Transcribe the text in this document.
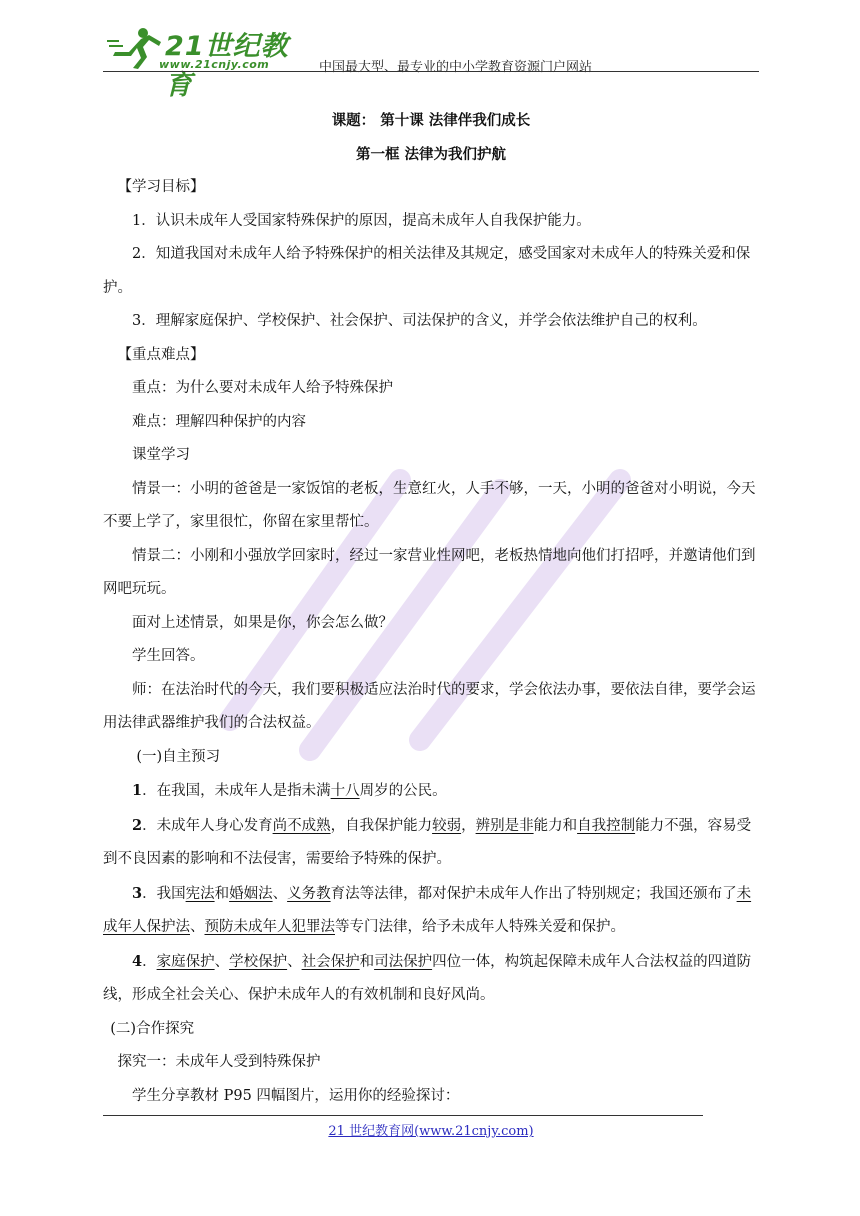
21世纪教育
www.21cnjy.com	中国最大型、最专业的中小学教育资源门户网站

课题： 第十课 法律伴我们成长

第一框 法律为我们护航

【学习目标】

1．认识未成年人受国家特殊保护的原因，提高未成年人自我保护能力。

2．知道我国对未成年人给予特殊保护的相关法律及其规定，感受国家对未成年人的特殊关爱和保护。

3．理解家庭保护、学校保护、社会保护、司法保护的含义，并学会依法维护自己的权利。

【重点难点】

重点：为什么要对未成年人给予特殊保护

难点：理解四种保护的内容

课堂学习

情景一：小明的爸爸是一家饭馆的老板，生意红火，人手不够，一天，小明的爸爸对小明说，今天不要上学了，家里很忙，你留在家里帮忙。

情景二：小刚和小强放学回家时，经过一家营业性网吧，老板热情地向他们打招呼，并邀请他们到网吧玩玩。

面对上述情景，如果是你，你会怎么做？

学生回答。

师：在法治时代的今天，我们要积极适应法治时代的要求，学会依法办事，要依法自律，要学会运用法律武器维护我们的合法权益。

(一)自主预习

1．在我国，未成年人是指未满十八周岁的公民。

2．未成年人身心发育尚不成熟，自我保护能力较弱，辨别是非能力和自我控制能力不强，容易受到不良因素的影响和不法侵害，需要给予特殊的保护。

3．我国宪法和婚姻法、义务教育法等法律，都对保护未成年人作出了特别规定；我国还颁布了未成年人保护法、预防未成年人犯罪法等专门法律，给予未成年人特殊关爱和保护。

4．家庭保护、学校保护、社会保护和司法保护四位一体，构筑起保障未成年人合法权益的四道防线，形成全社会关心、保护未成年人的有效机制和良好风尚。

(二)合作探究

探究一：未成年人受到特殊保护

学生分享教材 P95 四幅图片，运用你的经验探讨：

21 世纪教育网(www.21cnjy.com)
